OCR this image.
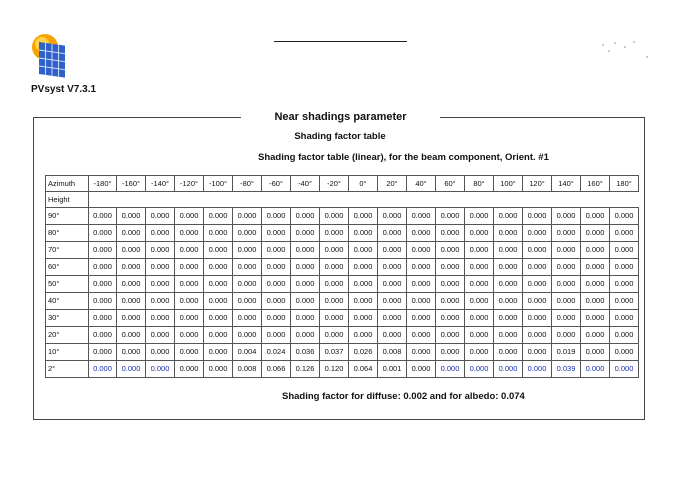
PVsyst V7.3.1
Near shadings parameter
Shading factor table
Shading factor table (linear), for the beam component, Orient. #1
Azimuth	-180°	-160°	-140°	-120°	-100°	-80°	-60°	-40°	-20°	0°	20°	40°	60°	80°	100°	120°	140°	160°	180°
Height																			
90°	0.000	0.000	0.000	0.000	0.000	0.000	0.000	0.000	0.000	0.000	0.000	0.000	0.000	0.000	0.000	0.000	0.000	0.000	0.000
80°	0.000	0.000	0.000	0.000	0.000	0.000	0.000	0.000	0.000	0.000	0.000	0.000	0.000	0.000	0.000	0.000	0.000	0.000	0.000
70°	0.000	0.000	0.000	0.000	0.000	0.000	0.000	0.000	0.000	0.000	0.000	0.000	0.000	0.000	0.000	0.000	0.000	0.000	0.000
60°	0.000	0.000	0.000	0.000	0.000	0.000	0.000	0.000	0.000	0.000	0.000	0.000	0.000	0.000	0.000	0.000	0.000	0.000	0.000
50°	0.000	0.000	0.000	0.000	0.000	0.000	0.000	0.000	0.000	0.000	0.000	0.000	0.000	0.000	0.000	0.000	0.000	0.000	0.000
40°	0.000	0.000	0.000	0.000	0.000	0.000	0.000	0.000	0.000	0.000	0.000	0.000	0.000	0.000	0.000	0.000	0.000	0.000	0.000
30°	0.000	0.000	0.000	0.000	0.000	0.000	0.000	0.000	0.000	0.000	0.000	0.000	0.000	0.000	0.000	0.000	0.000	0.000	0.000
20°	0.000	0.000	0.000	0.000	0.000	0.000	0.000	0.000	0.000	0.000	0.000	0.000	0.000	0.000	0.000	0.000	0.000	0.000	0.000
10°	0.000	0.000	0.000	0.000	0.000	0.004	0.024	0.036	0.037	0.026	0.008	0.000	0.000	0.000	0.000	0.000	0.019	0.000	0.000
2°	0.000	0.000	0.000	0.000	0.000	0.008	0.066	0.126	0.120	0.064	0.001	0.000	0.000	0.000	0.000	0.000	0.039	0.000	0.000
Shading factor for diffuse: 0.002 and for albedo: 0.074
